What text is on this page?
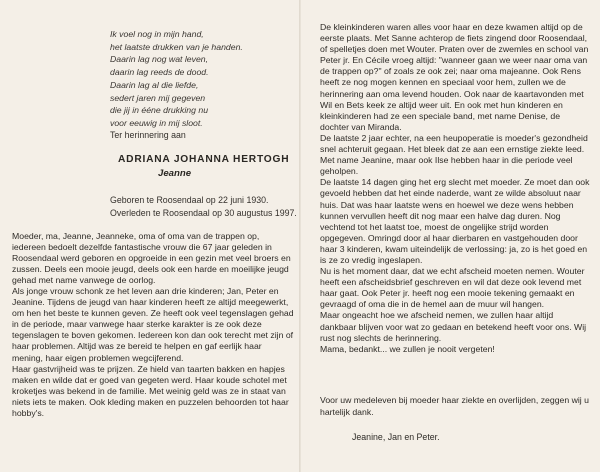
Ik voel nog in mijn hand,
het laatste drukken van je handen.
Daarin lag nog wat leven,
daarin lag reeds de dood.
Daarin lag al die liefde,
sedert jaren mij gegeven
die jij in ééne drukking nu
voor eeuwig in mij sloot.
Ter herinnering aan
ADRIANA JOHANNA HERTOGH
Jeanne
Geboren te Roosendaal op 22 juni 1930.
Overleden te Roosendaal op 30 augustus 1997.

Moeder, ma, Jeanne, Jeanneke, oma of oma van de trappen op, iedereen bedoelt dezelfde fantastische vrouw die 67 jaar geleden in Roosendaal werd geboren en opgroeide in een gezin met veel broers en zussen. Deels een mooie jeugd, deels ook een harde en moeilijke jeugd gehad met name vanwege de oorlog.

Als jonge vrouw schonk ze het leven aan drie kinderen; Jan, Peter en Jeanine. Tijdens de jeugd van haar kinderen heeft ze altijd meegewerkt, om hen het beste te kunnen geven. Ze heeft ook veel tegenslagen gehad in de periode, maar vanwege haar sterke karakter is ze ook deze tegenslagen te boven gekomen. Iedereen kon dan ook terecht met zijn of haar problemen. Altijd was ze bereid te helpen en gaf eerlijk haar mening, haar eigen problemen wegcijferend.

Haar gastvrijheid was te prijzen. Ze hield van taarten bakken en hapjes maken en wilde dat er goed van gegeten werd. Haar koude schotel met kroketjes was bekend in de familie. Met weinig geld was ze in staat van niets iets te maken. Ook kleding maken en puzzelen behoorden tot haar hobby's.

De kleinkinderen waren alles voor haar en deze kwamen altijd op de eerste plaats. Met Sanne achterop de fiets zingend door Roosendaal, of spelletjes doen met Wouter. Praten over de zwemles en school van Peter jr. En Cécile vroeg altijd: "wanneer gaan we weer naar oma van de trappen op?" of zoals ze ook zei; naar oma majeanne. Ook Rens heeft ze nog mogen kennen en speciaal voor hem, zullen we de herinnering aan oma levend houden. Ook naar de kaartavonden met Wil en Bets keek ze altijd weer uit. En ook met hun kinderen en kleinkinderen had ze een speciale band, met name Denise, de dochter van Miranda.

De laatste 2 jaar echter, na een heupoperatie is moeder's gezondheid snel achteruit gegaan. Het bleek dat ze aan een ernstige ziekte leed. Met name Jeanine, maar ook Ilse hebben haar in die periode veel geholpen.

De laatste 14 dagen ging het erg slecht met moeder. Ze moet dan ook gevoeld hebben dat het einde naderde, want ze wilde absoluut naar huis. Dat was haar laatste wens en hoewel we deze wens hebben kunnen vervullen heeft dit nog maar een halve dag duren. Nog vechtend tot het laatst toe, moest de ongelijke strijd worden opgegeven. Omringd door al haar dierbaren en vastgehouden door haar 3 kinderen, kwam uiteindelijk de verlossing: ja, zo is het goed en is ze zo vredig ingeslapen.

Nu is het moment daar, dat we echt afscheid moeten nemen. Wouter heeft een afscheidsbrief geschreven en wil dat deze ook levend met haar gaat. Ook Peter jr. heeft nog een mooie tekening gemaakt en gevraagd of oma die in de hemel aan de muur wil hangen.

Maar ongeacht hoe we afscheid nemen, we zullen haar altijd dankbaar blijven voor wat zo gedaan en betekend heeft voor ons. Wij rust nog slechts de herinnering.

Mama, bedankt... we zullen je nooit vergeten!

Voor uw medeleven bij moeder haar ziekte en overlijden, zeggen wij u hartelijk dank.
Jeanine, Jan en Peter.
